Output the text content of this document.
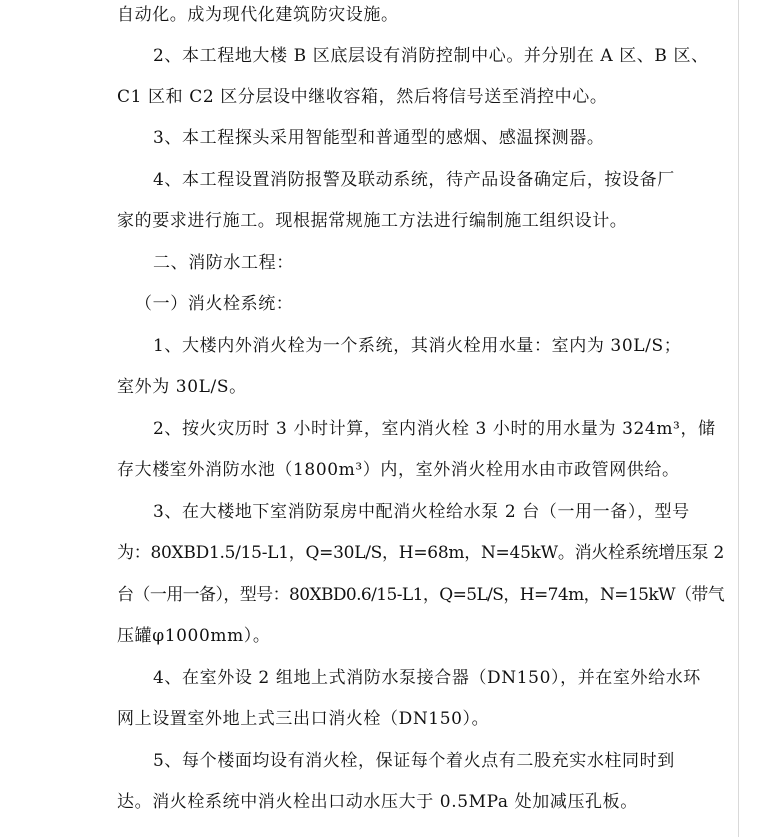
自动化。成为现代化建筑防灾设施。
2、本工程地大楼 B 区底层设有消防控制中心。并分别在 A 区、B 区、
C1 区和 C2 区分层设中继收容箱，然后将信号送至消控中心。
3、本工程探头采用智能型和普通型的感烟、感温探测器。
4、本工程设置消防报警及联动系统，待产品设备确定后，按设备厂
家的要求进行施工。现根据常规施工方法进行编制施工组织设计。
二、消防水工程：
（一）消火栓系统：
1、大楼内外消火栓为一个系统，其消火栓用水量：室内为 30L/S；
室外为 30L/S。
2、按火灾历时 3 小时计算，室内消火栓 3 小时的用水量为 324m³，储
存大楼室外消防水池（1800m³）内，室外消火栓用水由市政管网供给。
3、在大楼地下室消防泵房中配消火栓给水泵 2 台（一用一备），型号
为：80XBD1.5/15-L1，Q=30L/S，H=68m，N=45kW。消火栓系统增压泵 2
台（一用一备），型号：80XBD0.6/15-L1，Q=5L/S，H=74m，N=15kW（带气
压罐φ1000mm）。
4、在室外设 2 组地上式消防水泵接合器（DN150），并在室外给水环
网上设置室外地上式三出口消火栓（DN150）。
5、每个楼面均设有消火栓，保证每个着火点有二股充实水柱同时到
达。消火栓系统中消火栓出口动水压大于 0.5MPa 处加减压孔板。
